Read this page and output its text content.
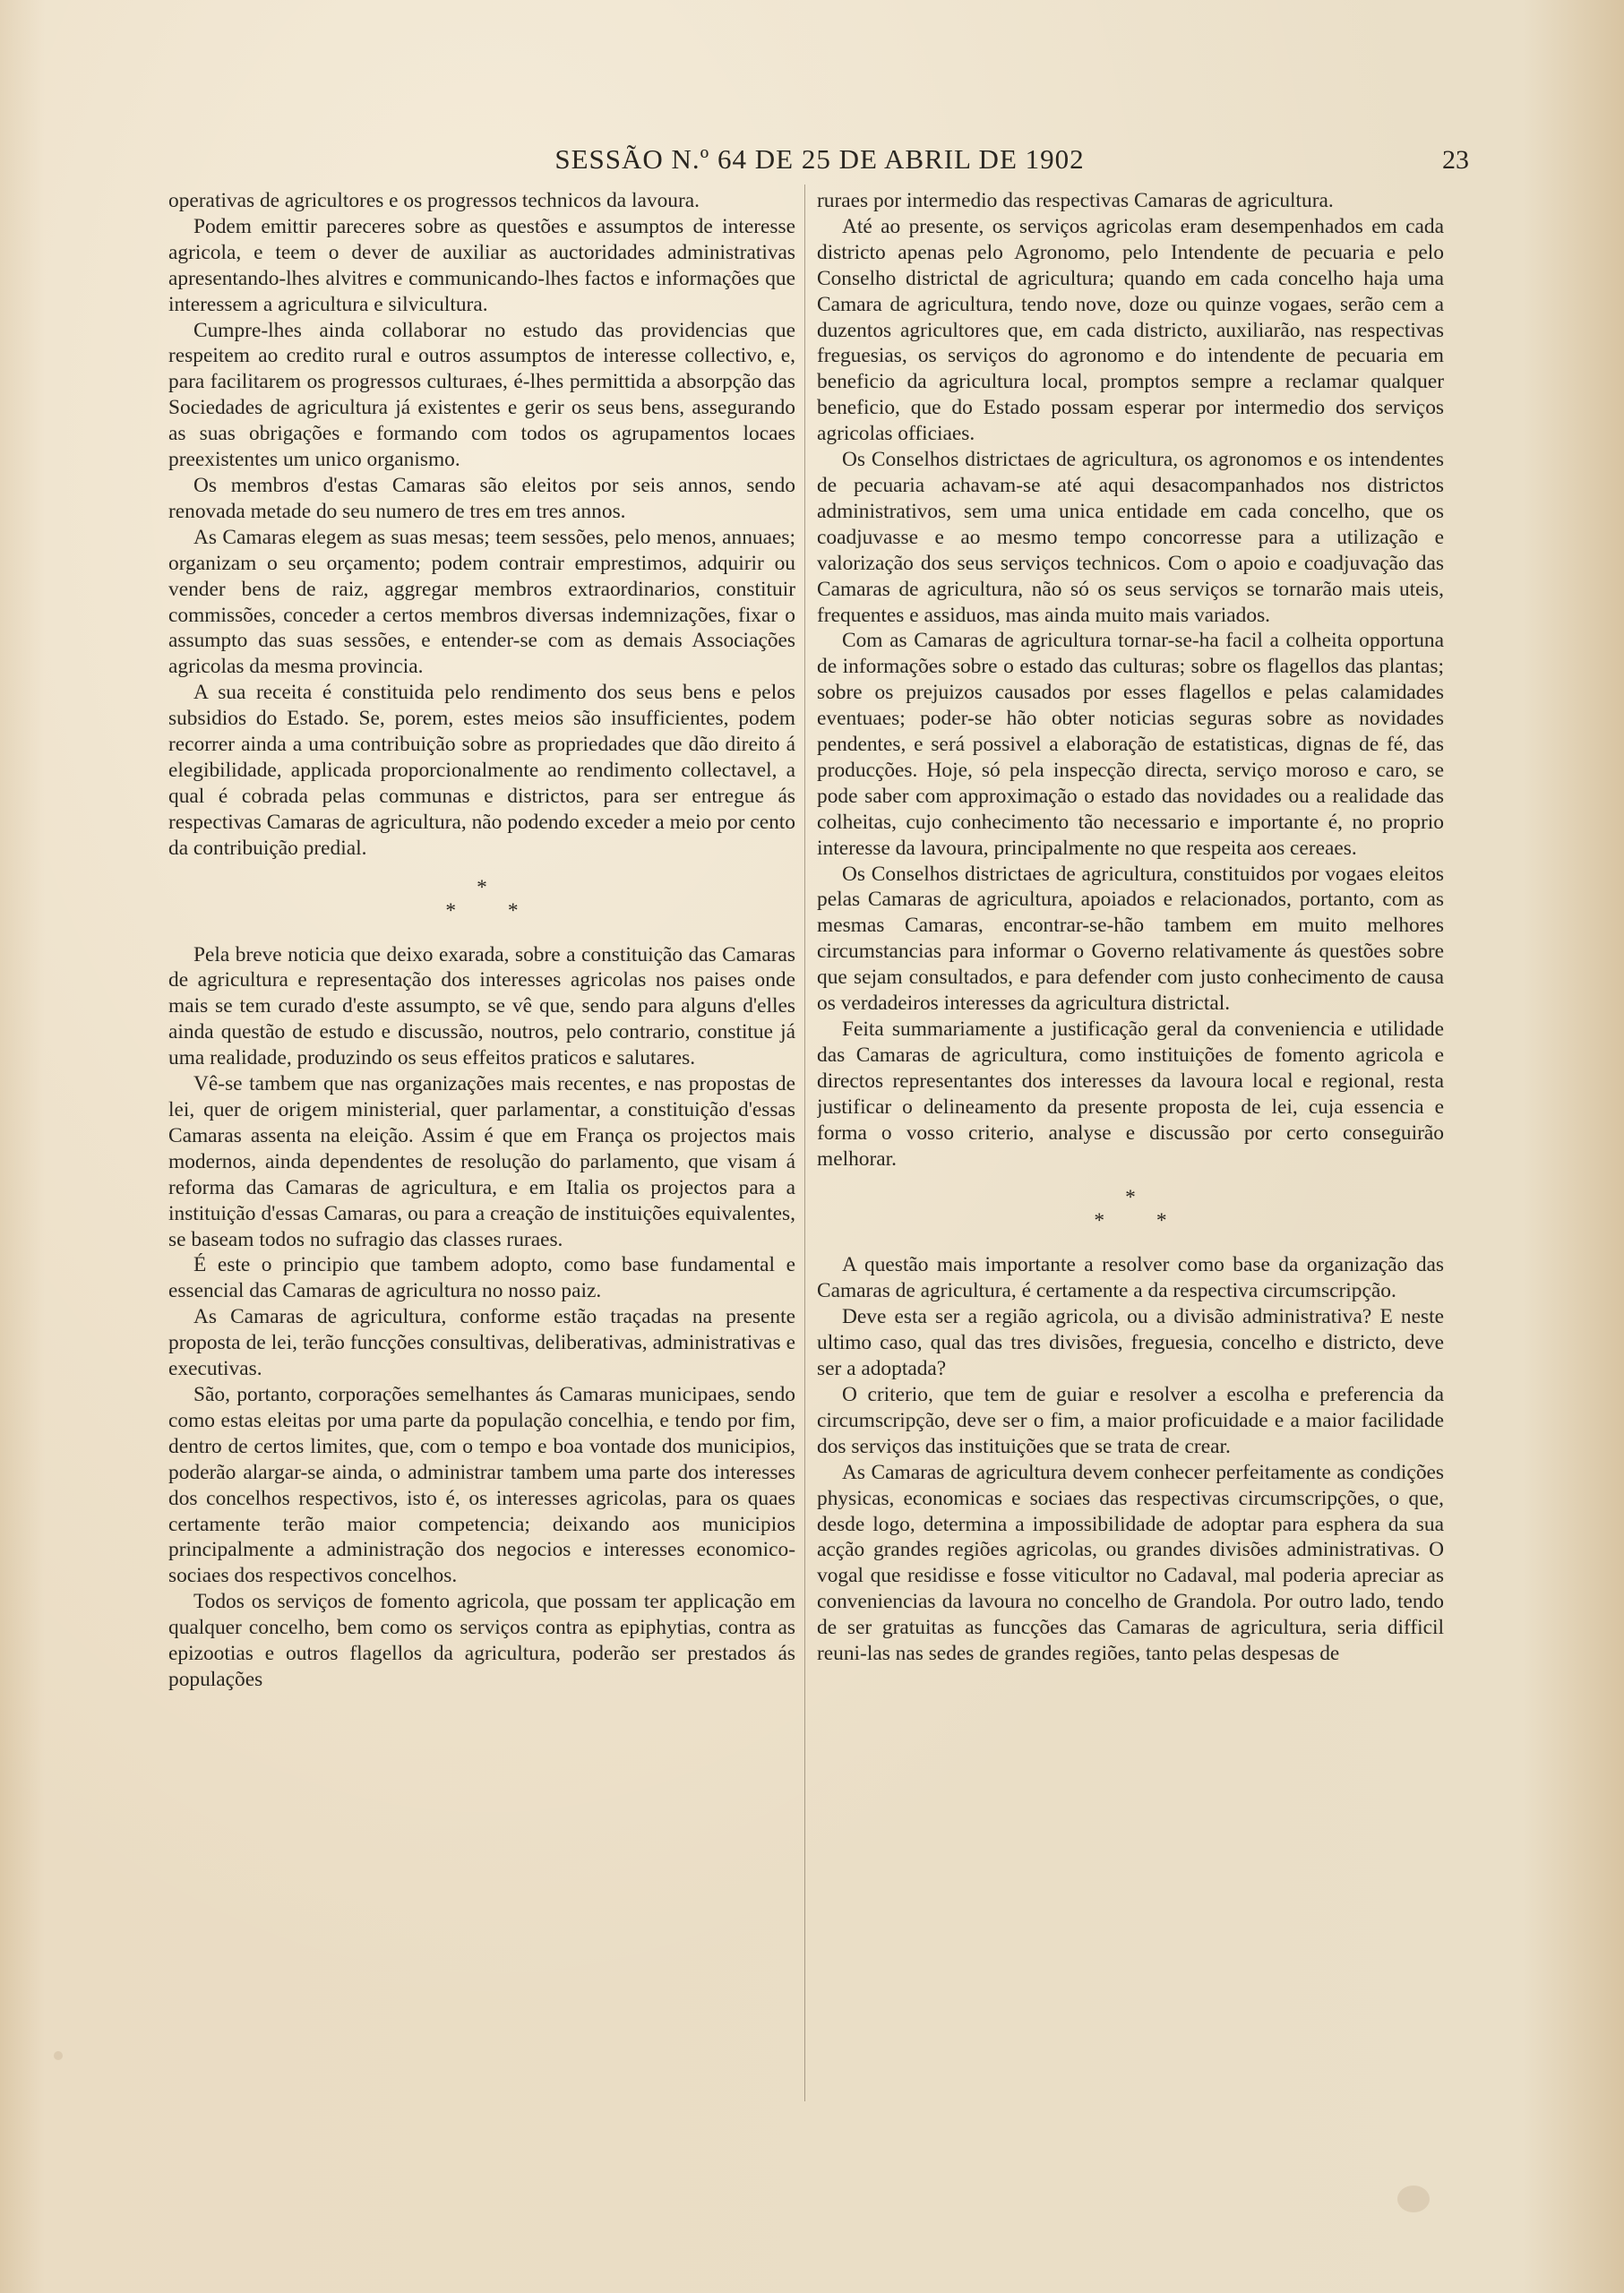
SESSÃO N.º 64 DE 25 DE ABRIL DE 1902	23

operativas de agricultores e os progressos technicos da lavoura.

Podem emittir pareceres sobre as questões e assumptos de interesse agricola, e teem o dever de auxiliar as auctoridades administrativas apresentando-lhes alvitres e communicando-lhes factos e informações que interessem a agricultura e silvicultura.

Cumpre-lhes ainda collaborar no estudo das providencias que respeitem ao credito rural e outros assumptos de interesse collectivo, e, para facilitarem os progressos culturaes, é-lhes permittida a absorpção das Sociedades de agricultura já existentes e gerir os seus bens, assegurando as suas obrigações e formando com todos os agrupamentos locaes preexistentes um unico organismo.

Os membros d'estas Camaras são eleitos por seis annos, sendo renovada metade do seu numero de tres em tres annos.

As Camaras elegem as suas mesas; teem sessões, pelo menos, annuaes; organizam o seu orçamento; podem contrair emprestimos, adquirir ou vender bens de raiz, aggregar membros extraordinarios, constituir commissões, conceder a certos membros diversas indemnizações, fixar o assumpto das suas sessões, e entender-se com as demais Associações agricolas da mesma provincia.

A sua receita é constituida pelo rendimento dos seus bens e pelos subsidios do Estado. Se, porem, estes meios são insufficientes, podem recorrer ainda a uma contribuição sobre as propriedades que dão direito á elegibilidade, applicada proporcionalmente ao rendimento collectavel, a qual é cobrada pelas communas e districtos, para ser entregue ás respectivas Camaras de agricultura, não podendo exceder a meio por cento da contribuição predial.

*
* *

Pela breve noticia que deixo exarada, sobre a constituição das Camaras de agricultura e representação dos interesses agricolas nos paises onde mais se tem curado d'este assumpto, se vê que, sendo para alguns d'elles ainda questão de estudo e discussão, noutros, pelo contrario, constitue já uma realidade, produzindo os seus effeitos praticos e salutares.

Vê-se tambem que nas organizações mais recentes, e nas propostas de lei, quer de origem ministerial, quer parlamentar, a constituição d'essas Camaras assenta na eleição. Assim é que em França os projectos mais modernos, ainda dependentes de resolução do parlamento, que visam á reforma das Camaras de agricultura, e em Italia os projectos para a instituição d'essas Camaras, ou para a creação de instituições equivalentes, se baseam todos no sufragio das classes ruraes.

É este o principio que tambem adopto, como base fundamental e essencial das Camaras de agricultura no nosso paiz.

As Camaras de agricultura, conforme estão traçadas na presente proposta de lei, terão funcções consultivas, deliberativas, administrativas e executivas.

São, portanto, corporações semelhantes ás Camaras municipaes, sendo como estas eleitas por uma parte da população concelhia, e tendo por fim, dentro de certos limites, que, com o tempo e boa vontade dos municipios, poderão alargar-se ainda, o administrar tambem uma parte dos interesses dos concelhos respectivos, isto é, os interesses agricolas, para os quaes certamente terão maior competencia; deixando aos municipios principalmente a administração dos negocios e interesses economico-sociaes dos respectivos concelhos.

Todos os serviços de fomento agricola, que possam ter applicação em qualquer concelho, bem como os serviços contra as epiphytias, contra as epizootias e outros flagellos da agricultura, poderão ser prestados ás populações

ruraes por intermedio das respectivas Camaras de agricultura.

Até ao presente, os serviços agricolas eram desempenhados em cada districto apenas pelo Agronomo, pelo Intendente de pecuaria e pelo Conselho districtal de agricultura; quando em cada concelho haja uma Camara de agricultura, tendo nove, doze ou quinze vogaes, serão cem a duzentos agricultores que, em cada districto, auxiliarão, nas respectivas freguesias, os serviços do agronomo e do intendente de pecuaria em beneficio da agricultura local, promptos sempre a reclamar qualquer beneficio, que do Estado possam esperar por intermedio dos serviços agricolas officiaes.

Os Conselhos districtaes de agricultura, os agronomos e os intendentes de pecuaria achavam-se até aqui desacompanhados nos districtos administrativos, sem uma unica entidade em cada concelho, que os coadjuvasse e ao mesmo tempo concorresse para a utilização e valorização dos seus serviços technicos. Com o apoio e coadjuvação das Camaras de agricultura, não só os seus serviços se tornarão mais uteis, frequentes e assiduos, mas ainda muito mais variados.

Com as Camaras de agricultura tornar-se-ha facil a colheita opportuna de informações sobre o estado das culturas; sobre os flagellos das plantas; sobre os prejuizos causados por esses flagellos e pelas calamidades eventuaes; poder-se hão obter noticias seguras sobre as novidades pendentes, e será possivel a elaboração de estatisticas, dignas de fé, das producções. Hoje, só pela inspecção directa, serviço moroso e caro, se pode saber com approximação o estado das novidades ou a realidade das colheitas, cujo conhecimento tão necessario e importante é, no proprio interesse da lavoura, principalmente no que respeita aos cereaes.

Os Conselhos districtaes de agricultura, constituidos por vogaes eleitos pelas Camaras de agricultura, apoiados e relacionados, portanto, com as mesmas Camaras, encontrar-se-hão tambem em muito melhores circumstancias para informar o Governo relativamente ás questões sobre que sejam consultados, e para defender com justo conhecimento de causa os verdadeiros interesses da agricultura districtal.

Feita summariamente a justificação geral da conveniencia e utilidade das Camaras de agricultura, como instituições de fomento agricola e directos representantes dos interesses da lavoura local e regional, resta justificar o delineamento da presente proposta de lei, cuja essencia e forma o vosso criterio, analyse e discussão por certo conseguirão melhorar.

*
* *

A questão mais importante a resolver como base da organização das Camaras de agricultura, é certamente a da respectiva circumscripção.

Deve esta ser a região agricola, ou a divisão administrativa? E neste ultimo caso, qual das tres divisões, freguesia, concelho e districto, deve ser a adoptada?

O criterio, que tem de guiar e resolver a escolha e preferencia da circumscripção, deve ser o fim, a maior proficuidade e a maior facilidade dos serviços das instituições que se trata de crear.

As Camaras de agricultura devem conhecer perfeitamente as condições physicas, economicas e sociaes das respectivas circumscripções, o que, desde logo, determina a impossibilidade de adoptar para esphera da sua acção grandes regiões agricolas, ou grandes divisões administrativas. O vogal que residisse e fosse viticultor no Cadaval, mal poderia apreciar as conveniencias da lavoura no concelho de Grandola. Por outro lado, tendo de ser gratuitas as funcções das Camaras de agricultura, seria difficil reuni-las nas sedes de grandes regiões, tanto pelas despesas de
